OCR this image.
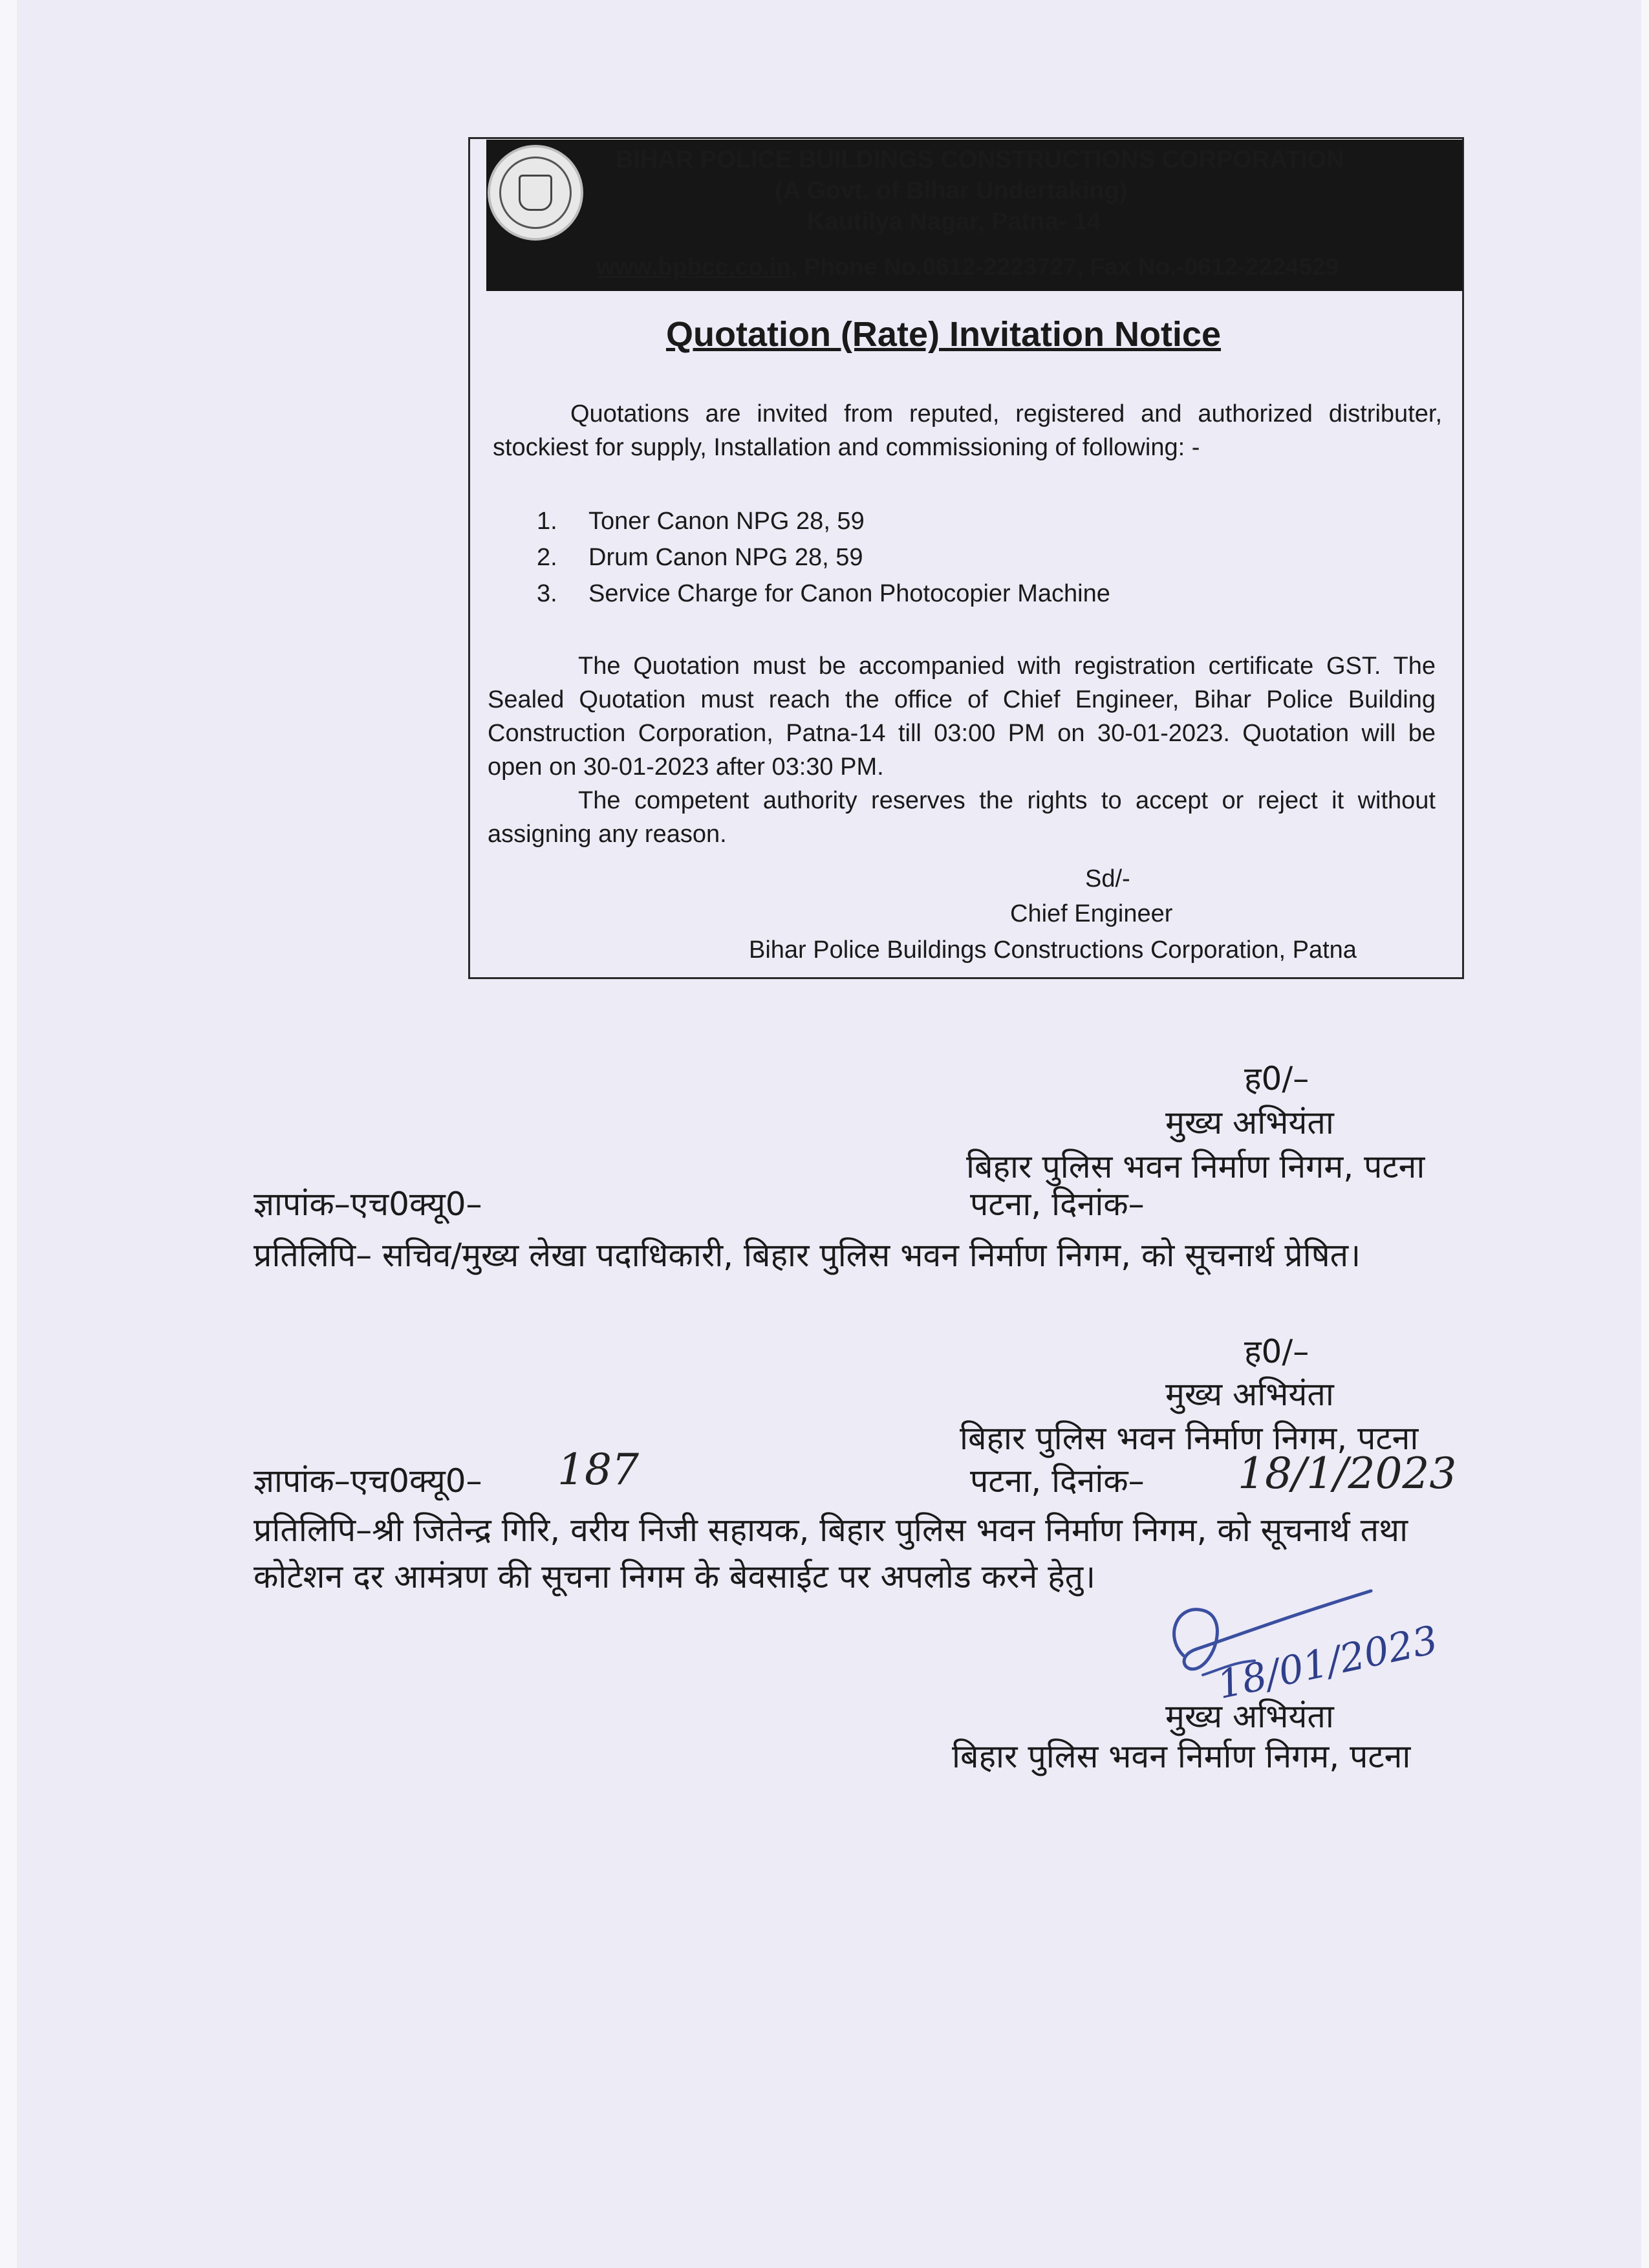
BIHAR POLICE BUILDINGS CONSTRUCTIONS CORPORATION
(A Govt. of Bihar Undertaking)
Kautilya Nagar, Patna- 14
www.bpbcc.co.in, Phone No.0612-2223727, Fax No.-0612-2224529
Quotation (Rate) Invitation Notice
Quotations are invited from reputed, registered and authorized distributer, stockiest for supply, Installation and commissioning of following: -
1. Toner Canon NPG 28, 59
2. Drum Canon NPG 28, 59
3. Service Charge for Canon Photocopier Machine
The Quotation must be accompanied with registration certificate GST. The Sealed Quotation must reach the office of Chief Engineer, Bihar Police Building Construction Corporation, Patna-14 till 03:00 PM on 30-01-2023. Quotation will be open on 30-01-2023 after 03:30 PM.
The competent authority reserves the rights to accept or reject it without assigning any reason.
Sd/-
Chief Engineer
Bihar Police Buildings Constructions Corporation, Patna
ह0/–
मुख्य अभियंता
बिहार पुलिस भवन निर्माण निगम, पटना
ज्ञापांक–एच0क्यू0–	पटना, दिनांक–
प्रतिलिपि– सचिव/मुख्य लेखा पदाधिकारी, बिहार पुलिस भवन निर्माण निगम, को सूचनार्थ प्रेषित।
ह0/–
मुख्य अभियंता
बिहार पुलिस भवन निर्माण निगम, पटना
ज्ञापांक–एच0क्यू0–	पटना, दिनांक–
प्रतिलिपि–श्री जितेन्द्र गिरि, वरीय निजी सहायक, बिहार पुलिस भवन निर्माण निगम, को सूचनार्थ तथा कोटेशन दर आमंत्रण की सूचना निगम के बेवसाईट पर अपलोड करने हेतु।
187	18/1/2023
18/01/2023
मुख्य अभियंता
बिहार पुलिस भवन निर्माण निगम, पटना
